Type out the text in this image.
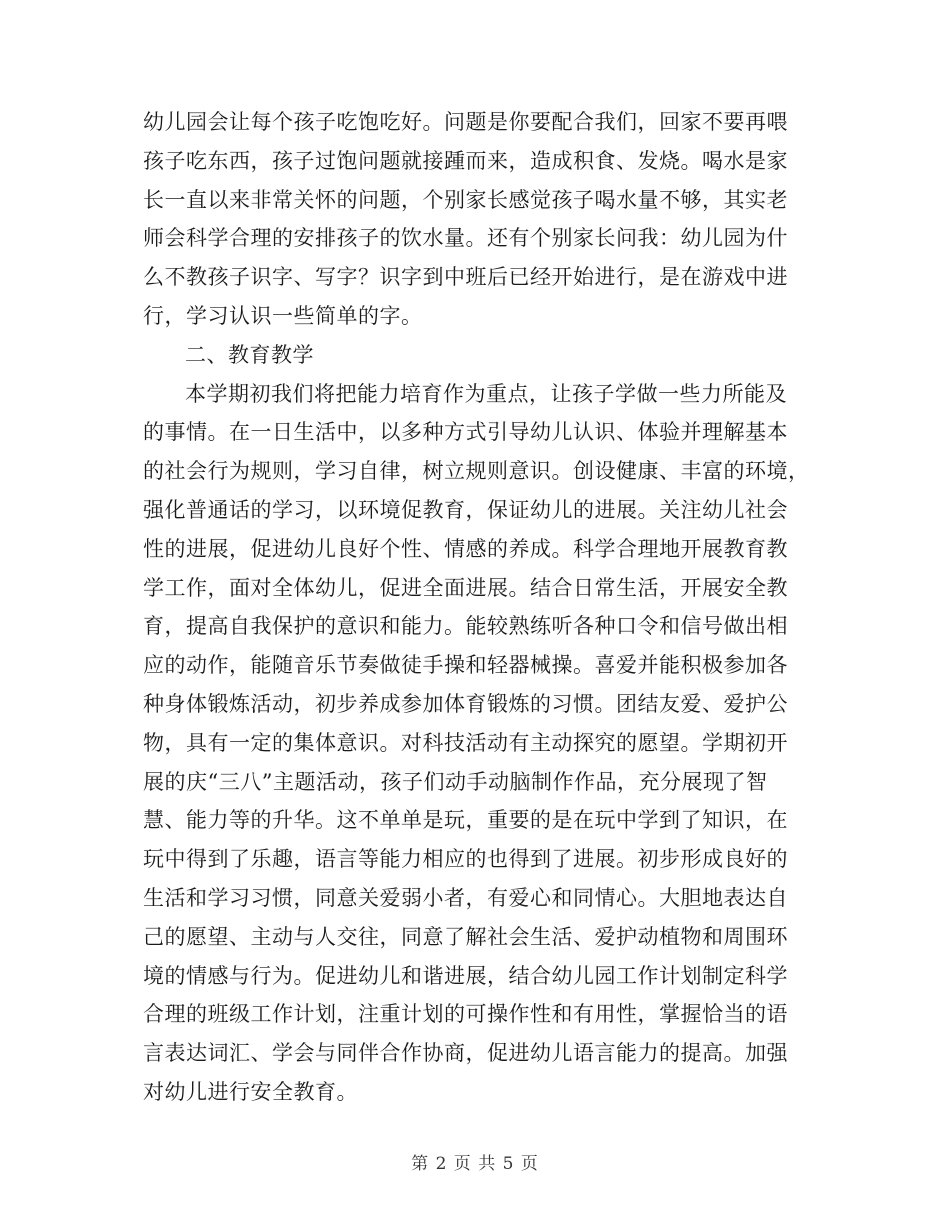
幼儿园会让每个孩子吃饱吃好。问题是你要配合我们，回家不要再喂
孩子吃东西，孩子过饱问题就接踵而来，造成积食、发烧。喝水是家
长一直以来非常关怀的问题，个别家长感觉孩子喝水量不够，其实老
师会科学合理的安排孩子的饮水量。还有个别家长问我：幼儿园为什
么不教孩子识字、写字？识字到中班后已经开始进行，是在游戏中进
行，学习认识一些简单的字。
二、教育教学
本学期初我们将把能力培育作为重点，让孩子学做一些力所能及
的事情。在一日生活中，以多种方式引导幼儿认识、体验并理解基本
的社会行为规则，学习自律，树立规则意识。创设健康、丰富的环境，
强化普通话的学习，以环境促教育，保证幼儿的进展。关注幼儿社会
性的进展，促进幼儿良好个性、情感的养成。科学合理地开展教育教
学工作，面对全体幼儿，促进全面进展。结合日常生活，开展安全教
育，提高自我保护的意识和能力。能较熟练听各种口令和信号做出相
应的动作，能随音乐节奏做徒手操和轻器械操。喜爱并能积极参加各
种身体锻炼活动，初步养成参加体育锻炼的习惯。团结友爱、爱护公
物，具有一定的集体意识。对科技活动有主动探究的愿望。学期初开
展的庆“三八”主题活动，孩子们动手动脑制作作品，充分展现了智
慧、能力等的升华。这不单单是玩，重要的是在玩中学到了知识，在
玩中得到了乐趣，语言等能力相应的也得到了进展。初步形成良好的
生活和学习习惯，同意关爱弱小者，有爱心和同情心。大胆地表达自
己的愿望、主动与人交往，同意了解社会生活、爱护动植物和周围环
境的情感与行为。促进幼儿和谐进展，结合幼儿园工作计划制定科学
合理的班级工作计划，注重计划的可操作性和有用性，掌握恰当的语
言表达词汇、学会与同伴合作协商，促进幼儿语言能力的提高。加强
对幼儿进行安全教育。
第 2 页 共 5 页
